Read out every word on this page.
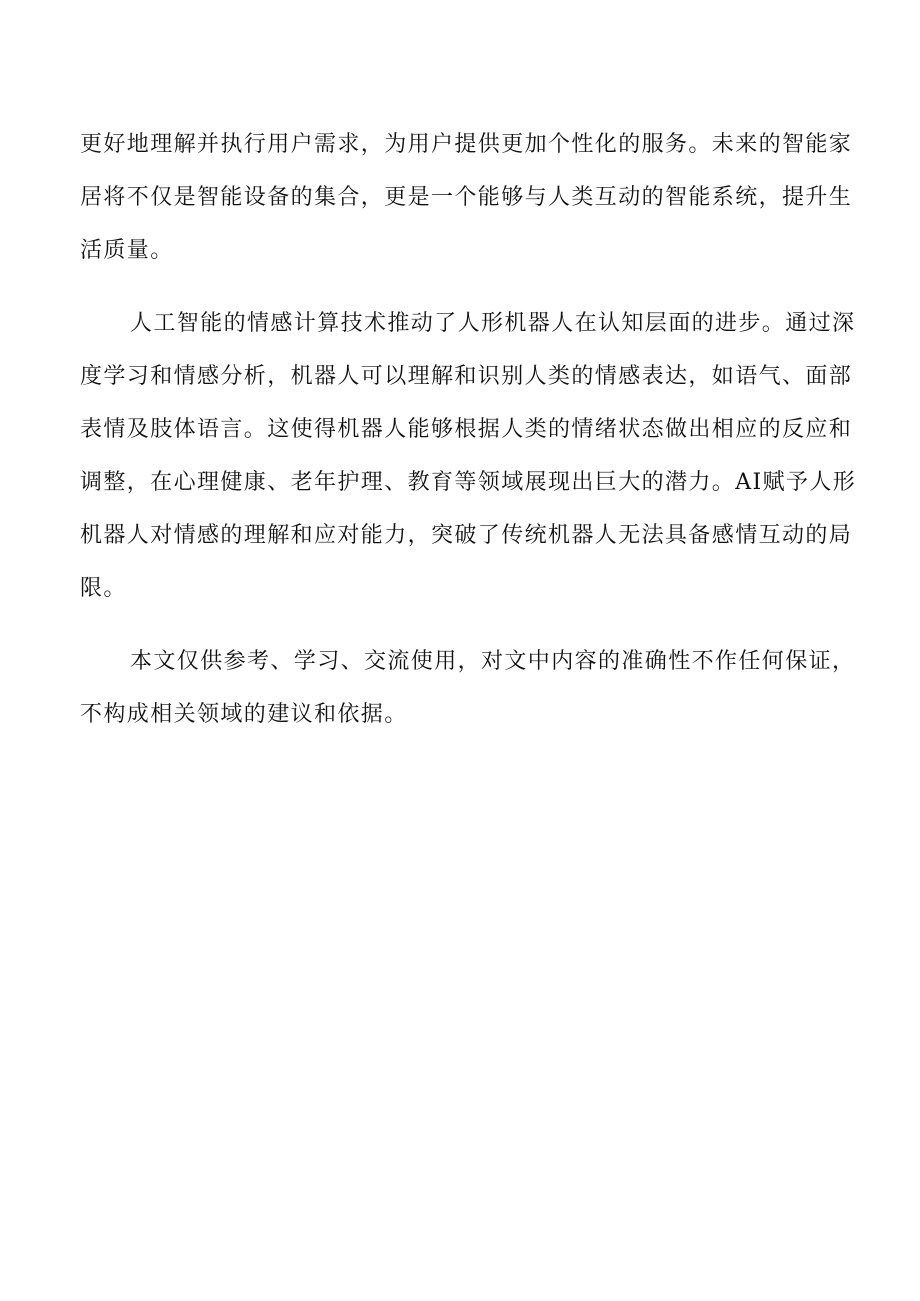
更好地理解并执行用户需求，为用户提供更加个性化的服务。未来的智能家
居将不仅是智能设备的集合，更是一个能够与人类互动的智能系统，提升生
活质量。

人工智能的情感计算技术推动了人形机器人在认知层面的进步。通过深
度学习和情感分析，机器人可以理解和识别人类的情感表达，如语气、面部
表情及肢体语言。这使得机器人能够根据人类的情绪状态做出相应的反应和
调整，在心理健康、老年护理、教育等领域展现出巨大的潜力。AI赋予人形
机器人对情感的理解和应对能力，突破了传统机器人无法具备感情互动的局
限。

本文仅供参考、学习、交流使用，对文中内容的准确性不作任何保证，
不构成相关领域的建议和依据。
